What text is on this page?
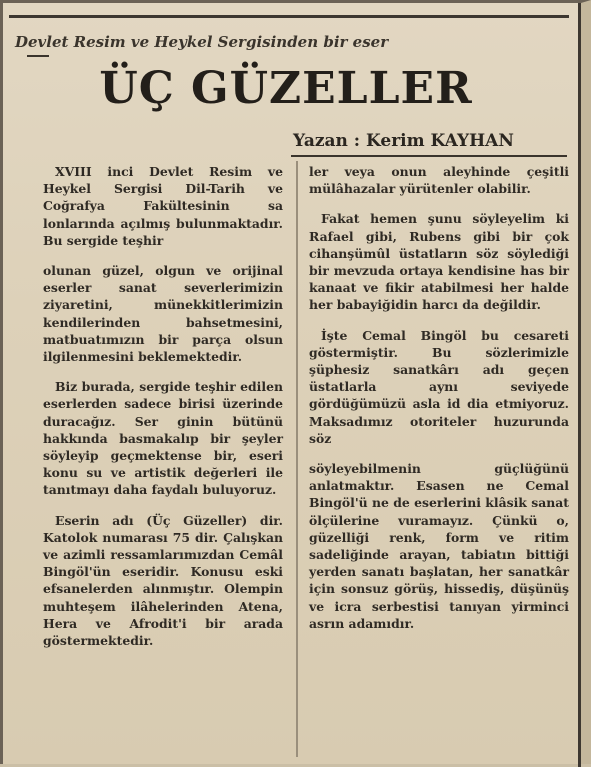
Devlet Resim ve Heykel Sergisinden bir eser
ÜÇ GÜZELLER
Yazan : Kerim KAYHAN

XVIII inci Devlet Resim ve Heykel Sergisi Dil-Tarih ve Coğrafya Fakültesinin sa lonlarında açılmış bulunmaktadır. Bu sergide teşhir

olunan güzel, olgun ve orijinal eserler sanat severlerimizin ziyaretini, münekkitlerimizin kendilerinden bahsetmesini, matbuatımızın bir parça olsun ilgilenmesini beklemektedir.

Biz burada, sergide teşhir edilen eserlerden sadece birisi üzerinde duracağız. Ser ginin bütünü hakkında basmakalıp bir şeyler söyleyip geçmektense bir, eseri konu su ve artistik değerleri ile tanıtmayı daha faydalı buluyoruz.

Eserin adı (Üç Güzeller) dir. Katolok numarası 75 dir. Çalışkan ve azimli ressamlarımızdan Cemâl Bingöl'ün eseridir. Konusu eski efsanelerden alınmıştır. Olempin muhteşem ilâhelerinden Atena, Hera ve Afrodit'i bir arada göstermektedir.

ler veya onun aleyhinde çeşitli mülâhazalar yürütenler olabilir.

Fakat hemen şunu söyleyelim ki Rafael gibi, Rubens gibi bir çok cihanşümûl üstatların söz söylediği bir mevzuda ortaya kendisine has bir kanaat ve fikir atabilmesi her halde her babayiğidin harcı da değildir.

İşte Cemal Bingöl bu cesareti göstermiştir. Bu sözlerimizle şüphesiz sanatkârı adı geçen üstatlarla aynı seviyede gördüğümüzü asla id dia etmiyoruz. Maksadımız otoriteler huzurunda söz

söyleyebilmenin güçlüğünü anlatmaktır. Esasen ne Cemal Bingöl'ü ne de eserlerini klâsik sanat ölçülerine vuramayız. Çünkü o, güzelliği renk, form ve ritim sadeliğinde arayan, tabiatın bittiği yerden sanatı başlatan, her sanatkâr için sonsuz görüş, hissediş, düşünüş ve icra serbestisi tanıyan yirminci asrın adamıdır.
